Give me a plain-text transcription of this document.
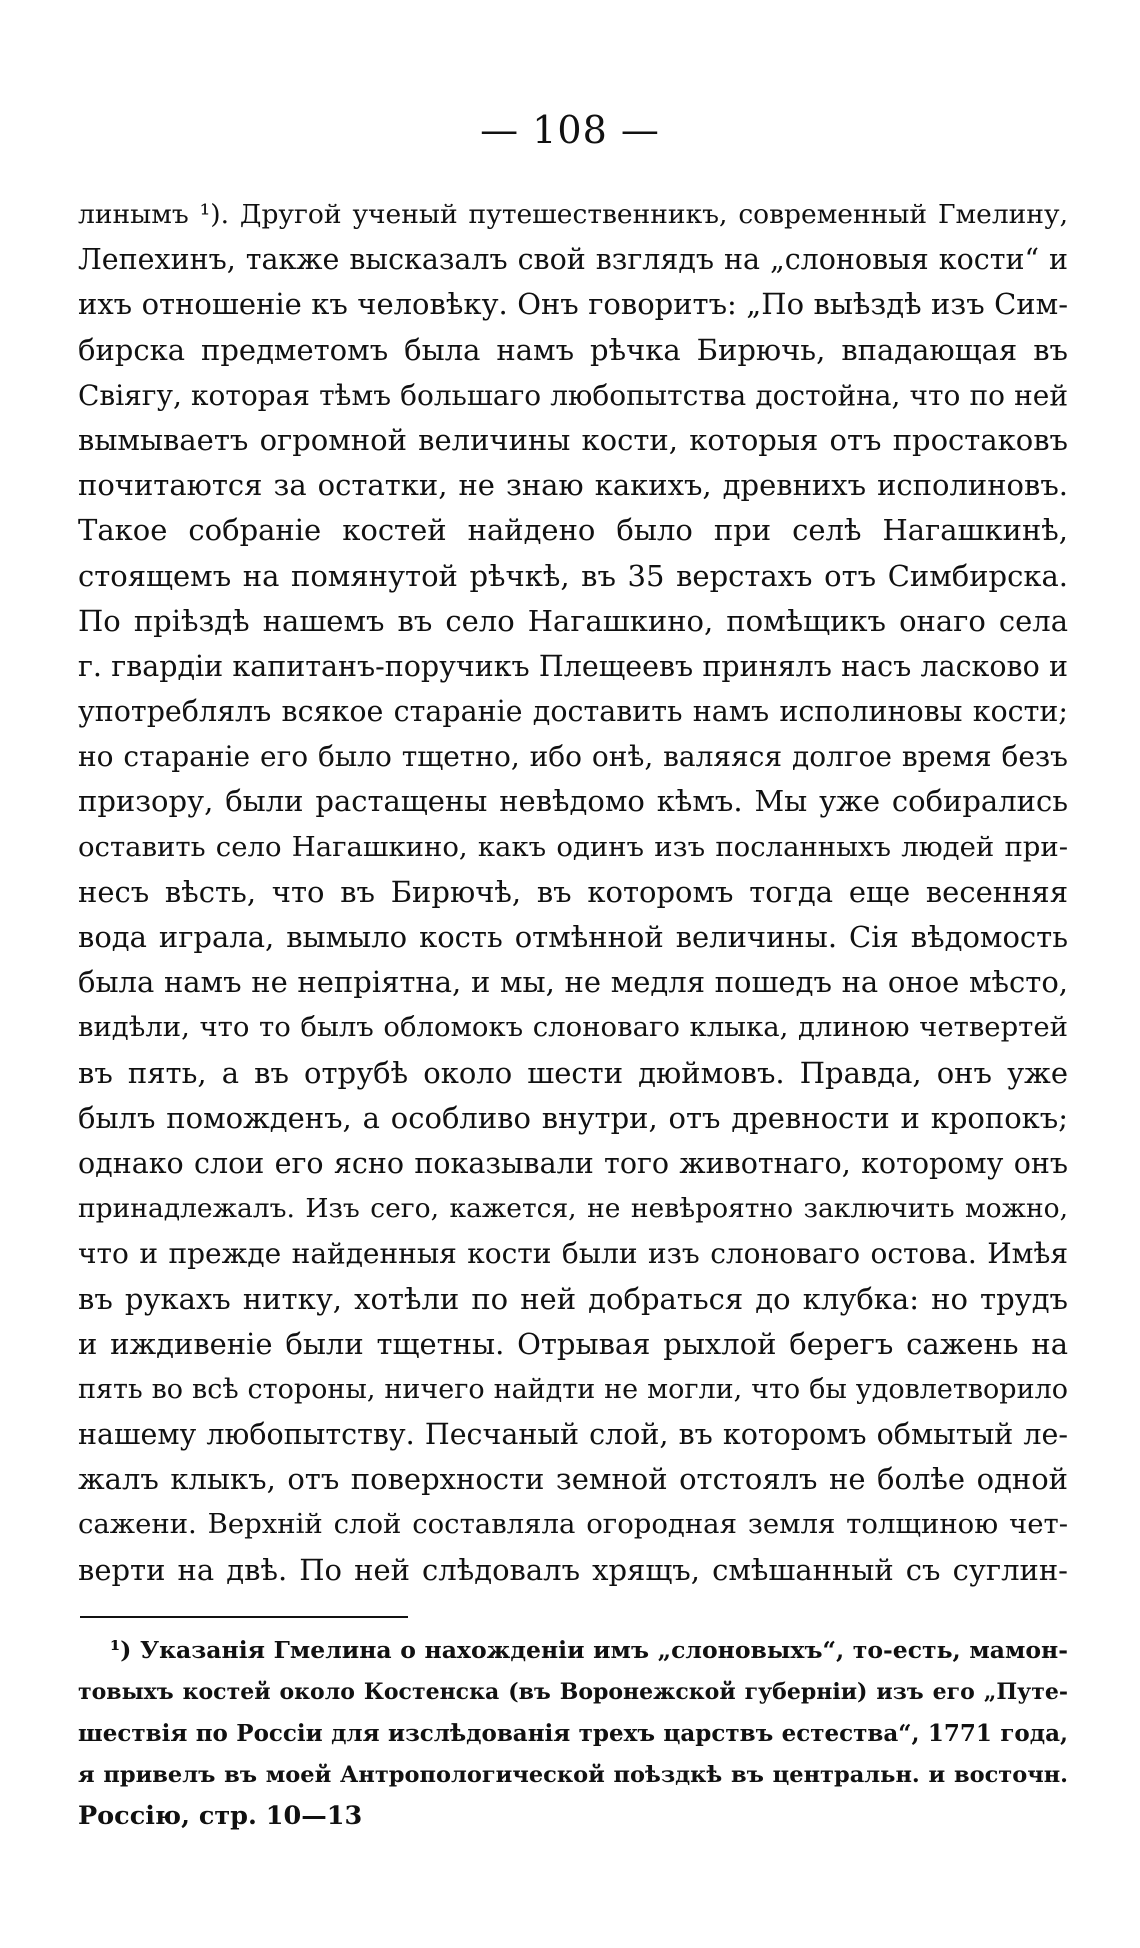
— 108 —
линымъ ¹). Другой ученый путешественникъ, современный Гмелину,
Лепехинъ, также высказалъ свой взглядъ на „слоновыя кости“ и
ихъ отношеніе къ человѣку. Онъ говоритъ: „По выѣздѣ изъ Сим-
бирска предметомъ была намъ рѣчка Бирючь, впадающая въ
Свіягу, которая тѣмъ большаго любопытства достойна, что по ней
вымываетъ огромной величины кости, которыя отъ простаковъ
почитаются за остатки, не знаю какихъ, древнихъ исполиновъ.
Такое собраніе костей найдено было при селѣ Нагашкинѣ,
стоящемъ на помянутой рѣчкѣ, въ 35 верстахъ отъ Симбирска.
По пріѣздѣ нашемъ въ село Нагашкино, помѣщикъ онаго села
г. гвардіи капитанъ-поручикъ Плещеевъ принялъ насъ ласково и
употреблялъ всякое стараніе доставить намъ исполиновы кости;
но стараніе его было тщетно, ибо онѣ, валяяся долгое время безъ
призору, были растащены невѣдомо кѣмъ. Мы уже собирались
оставить село Нагашкино, какъ одинъ изъ посланныхъ людей при-
несъ вѣсть, что въ Бирючѣ, въ которомъ тогда еще весенняя
вода играла, вымыло кость отмѣнной величины. Сія вѣдомость
была намъ не непріятна, и мы, не медля пошедъ на оное мѣсто,
видѣли, что то былъ обломокъ слоноваго клыка, длиною четвертей
въ пять, а въ отрубѣ около шести дюймовъ. Правда, онъ уже
былъ поможденъ, а особливо внутри, отъ древности и кропокъ;
однако слои его ясно показывали того животнаго, которому онъ
принадлежалъ. Изъ сего, кажется, не невѣроятно заключить можно,
что и прежде найденныя кости были изъ слоноваго остова. Имѣя
въ рукахъ нитку, хотѣли по ней добраться до клубка: но трудъ
и иждивеніе были тщетны. Отрывая рыхлой берегъ сажень на
пять во всѣ стороны, ничего найдти не могли, что бы удовлетворило
нашему любопытству. Песчаный слой, въ которомъ обмытый ле-
жалъ клыкъ, отъ поверхности земной отстоялъ не болѣе одной
сажени. Верхній слой составляла огородная земля толщиною чет-
верти на двѣ. По ней слѣдовалъ хрящъ, смѣшанный съ суглин-
¹) Указанія Гмелина о нахожденіи имъ „слоновыхъ“, то-есть, мамон-
товыхъ костей около Костенска (въ Воронежской губерніи) изъ его „Путе-
шествія по Россіи для изслѣдованія трехъ царствъ естества“, 1771 года,
я привелъ въ моей Антропологической поѣздкѣ въ центральн. и восточн.
Россію, стр. 10—13
